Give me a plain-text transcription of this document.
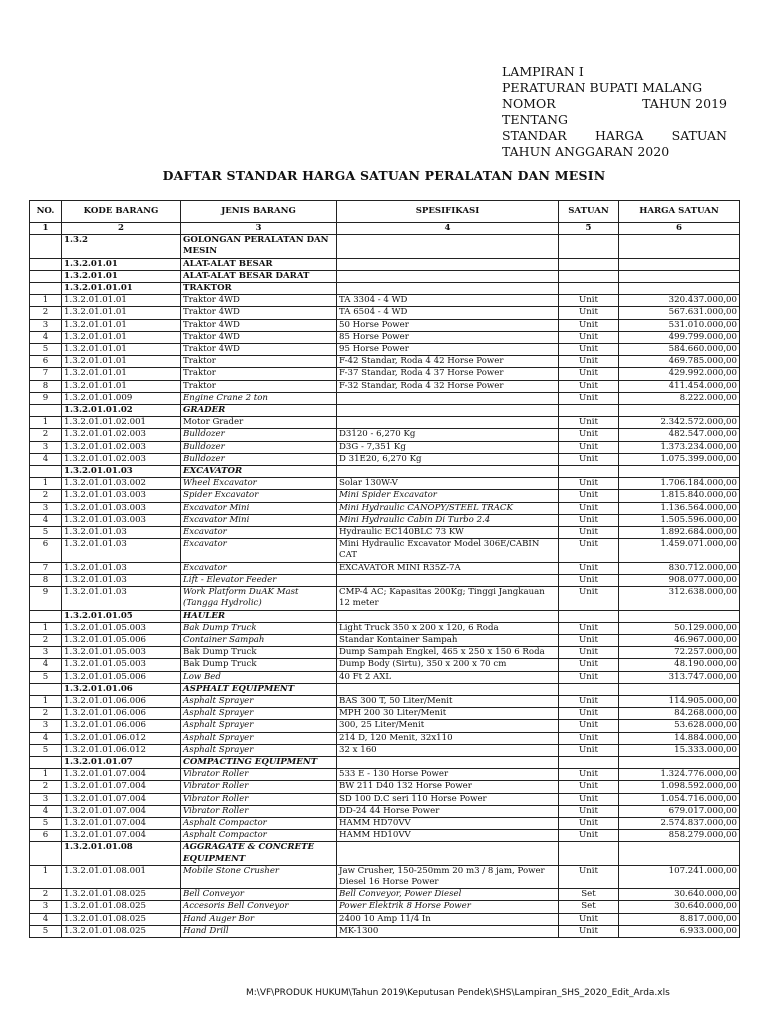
LAMPIRAN I
PERATURAN BUPATI MALANG
NOMOR	TAHUN 2019
TENTANG
STANDAR HARGA SATUAN
TAHUN ANGGARAN 2020
DAFTAR STANDAR HARGA SATUAN PERALATAN DAN MESIN
NO.	KODE BARANG	JENIS BARANG	SPESIFIKASI	SATUAN	HARGA SATUAN
1	2	3	4	5	6
	1.3.2	GOLONGAN PERALATAN DAN MESIN			
	1.3.2.01.01	ALAT-ALAT BESAR			
	1.3.2.01.01	ALAT-ALAT BESAR DARAT			
	1.3.2.01.01.01	TRAKTOR			
1	1.3.2.01.01.01	Traktor 4WD	TA 3304 - 4 WD	Unit	320.437.000,00
2	1.3.2.01.01.01	Traktor 4WD	TA 6504 - 4 WD	Unit	567.631.000,00
3	1.3.2.01.01.01	Traktor 4WD	50 Horse Power	Unit	531.010.000,00
4	1.3.2.01.01.01	Traktor 4WD	85 Horse Power	Unit	499.799.000,00
5	1.3.2.01.01.01	Traktor 4WD	95 Horse Power	Unit	584.660.000,00
6	1.3.2.01.01.01	Traktor	F-42 Standar, Roda 4 42 Horse Power	Unit	469.785.000,00
7	1.3.2.01.01.01	Traktor	F-37 Standar, Roda 4 37 Horse Power	Unit	429.992.000,00
8	1.3.2.01.01.01	Traktor	F-32 Standar, Roda 4 32 Horse Power	Unit	411.454.000,00
9	1.3.2.01.01.009	Engine Crane 2 ton		Unit	8.222.000,00
	1.3.2.01.01.02	GRADER			
1	1.3.2.01.01.02.001	Motor Grader		Unit	2.342.572.000,00
2	1.3.2.01.01.02.003	Bulldozer	D3120 - 6,270 Kg	Unit	482.547.000,00
3	1.3.2.01.01.02.003	Bulldozer	D3G - 7,351 Kg	Unit	1.373.234.000,00
4	1.3.2.01.01.02.003	Bulldozer	D 31E20, 6,270 Kg	Unit	1.075.399.000,00
	1.3.2.01.01.03	EXCAVATOR			
1	1.3.2.01.01.03.002	Wheel Excavator	Solar 130W-V	Unit	1.706.184.000,00
2	1.3.2.01.01.03.003	Spider Excavator	Mini Spider Excavator	Unit	1.815.840.000,00
3	1.3.2.01.01.03.003	Excavator Mini	Mini Hydraulic CANOPY/STEEL TRACK	Unit	1.136.564.000,00
4	1.3.2.01.01.03.003	Excavator Mini	Mini Hydraulic Cabin Di Turbo 2.4	Unit	1.505.596.000,00
5	1.3.2.01.01.03	Excavator	Hydraulic EC140BLC 73 KW	Unit	1.892.684.000,00
6	1.3.2.01.01.03	Excavator	Mini Hydraulic Excavator Model 306E/CABIN CAT	Unit	1.459.071.000,00
7	1.3.2.01.01.03	Excavator	EXCAVATOR MINI R35Z-7A	Unit	830.712.000,00
8	1.3.2.01.01.03	Lift - Elevator Feeder		Unit	908.077.000,00
9	1.3.2.01.01.03	Work Platform DuAK Mast (Tangga Hydrolic)	CMP-4 AC; Kapasitas 200Kg; Tinggi Jangkauan 12 meter	Unit	312.638.000,00
	1.3.2.01.01.05	HAULER			
1	1.3.2.01.01.05.003	Bak Dump Truck	Light Truck 350 x 200 x 120, 6 Roda	Unit	50.129.000,00
2	1.3.2.01.01.05.006	Container Sampah	Standar Kontainer Sampah	Unit	46.967.000,00
3	1.3.2.01.01.05.003	Bak Dump Truck	Dump Sampah Engkel, 465 x 250 x 150 6 Roda	Unit	72.257.000,00
4	1.3.2.01.01.05.003	Bak Dump Truck	Dump Body (Sirtu), 350 x 200 x 70 cm	Unit	48.190.000,00
5	1.3.2.01.01.05.006	Low Bed	40 Ft 2 AXL	Unit	313.747.000,00
	1.3.2.01.01.06	ASPHALT EQUIPMENT			
1	1.3.2.01.01.06.006	Asphalt Sprayer	BAS 300 T, 50 Liter/Menit	Unit	114.905.000,00
2	1.3.2.01.01.06.006	Asphalt Sprayer	MPH 200 30 Liter/Menit	Unit	84.268.000,00
3	1.3.2.01.01.06.006	Asphalt Sprayer	300, 25 Liter/Menit	Unit	53.628.000,00
4	1.3.2.01.01.06.012	Asphalt Sprayer	214 D, 120 Menit, 32x110	Unit	14.884.000,00
5	1.3.2.01.01.06.012	Asphalt Sprayer	32 x 160	Unit	15.333.000,00
	1.3.2.01.01.07	COMPACTING EQUIPMENT			
1	1.3.2.01.01.07.004	Vibrator Roller	533 E - 130 Horse Power	Unit	1.324.776.000,00
2	1.3.2.01.01.07.004	Vibrator Roller	BW 211 D40 132 Horse Power	Unit	1.098.592.000,00
3	1.3.2.01.01.07.004	Vibrator Roller	SD 100 D.C seri 110 Horse Power	Unit	1.054.716.000,00
4	1.3.2.01.01.07.004	Vibrator Roller	DD-24 44 Horse Power	Unit	679.017.000,00
5	1.3.2.01.01.07.004	Asphalt Compactor	HAMM HD70VV	Unit	2.574.837.000,00
6	1.3.2.01.01.07.004	Asphalt Compactor	HAMM HD10VV	Unit	858.279.000,00
	1.3.2.01.01.08	AGGRAGATE & CONCRETE EQUIPMENT			
1	1.3.2.01.01.08.001	Mobile Stone Crusher	Jaw Crusher, 150-250mm 20 m3 / 8 jam, Power Diesel 16 Horse Power	Unit	107.241.000,00
2	1.3.2.01.01.08.025	Bell Conveyor	Bell Conveyor, Power Diesel	Set	30.640.000,00
3	1.3.2.01.01.08.025	Accesoris Bell Conveyor	Power Elektrik 8 Horse Power	Set	30.640.000,00
4	1.3.2.01.01.08.025	Hand Auger Bor	2400 10 Amp 11/4 In	Unit	8.817.000,00
5	1.3.2.01.01.08.025	Hand Drill	MK-1300	Unit	6.933.000,00
M:\VF\PRODUK HUKUM\Tahun 2019\Keputusan Pendek\SHS\Lampiran_SHS_2020_Edit_Arda.xls
